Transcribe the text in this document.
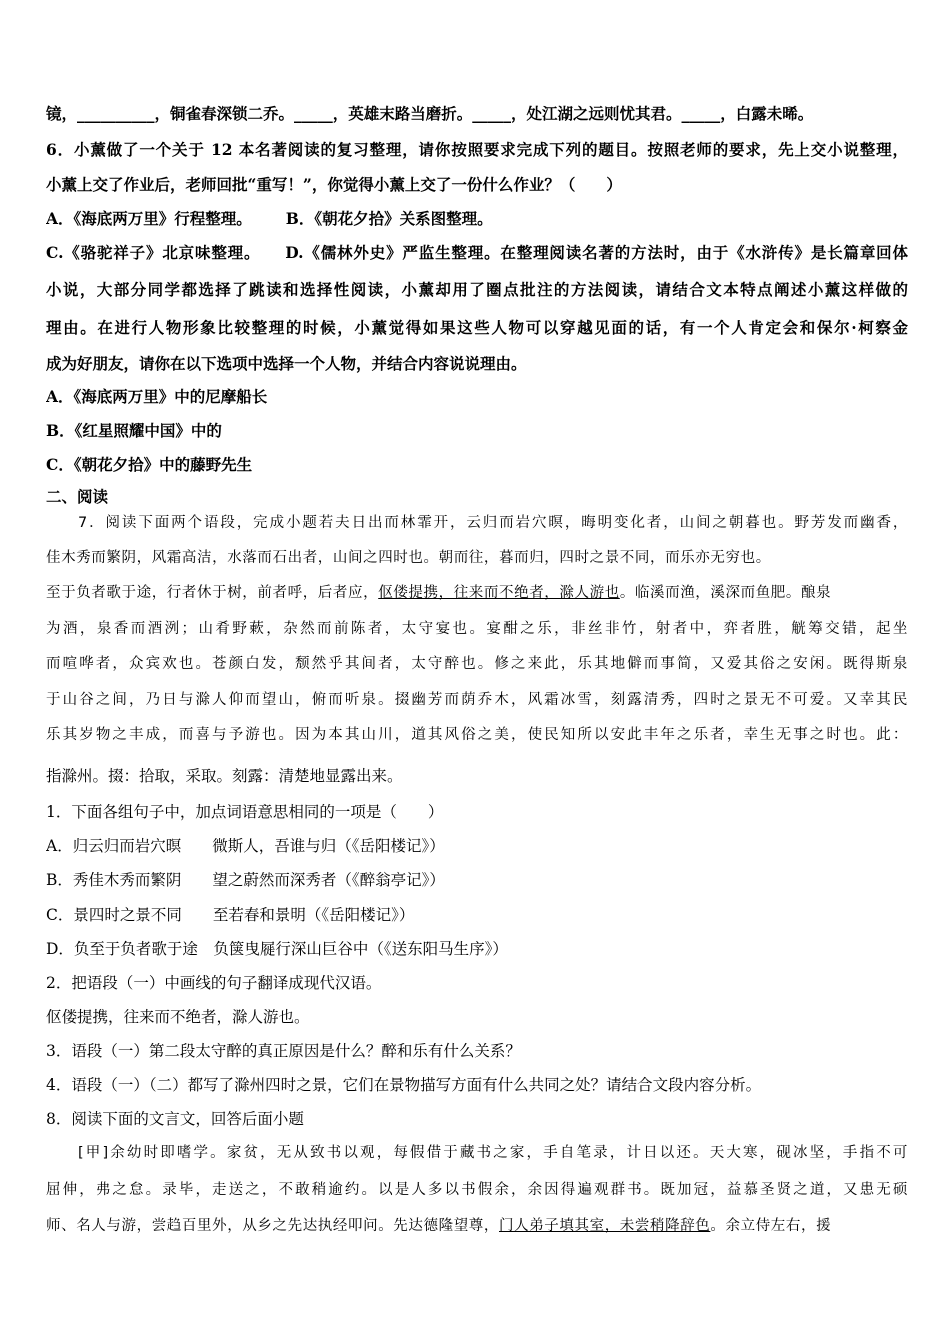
镜，__________，铜雀春深锁二乔。_____，英雄末路当磨折。_____，处江湖之远则忧其君。_____，白露未晞。
6．小薰做了一个关于 12 本名著阅读的复习整理，请你按照要求完成下列的题目。按照老师的要求，先上交小说整理，
小薰上交了作业后，老师回批“重写！”，你觉得小薰上交了一份什么作业？（　　）
A．《海底两万里》行程整理。 B．《朝花夕拾》关系图整理。
C.《骆驼祥子》北京味整理。　　D.《儒林外史》严监生整理。在整理阅读名著的方法时，由于《水浒传》是长篇章回体
小说，大部分同学都选择了跳读和选择性阅读，小薰却用了圈点批注的方法阅读，请结合文本特点阐述小薰这样做的
理由。在进行人物形象比较整理的时候，小薰觉得如果这些人物可以穿越见面的话，有一个人肯定会和保尔·柯察金
成为好朋友，请你在以下选项中选择一个人物，并结合内容说说理由。
A．《海底两万里》中的尼摩船长
B．《红星照耀中国》中的
C．《朝花夕拾》中的藤野先生
二、阅读
7．阅读下面两个语段，完成小题若夫日出而林霏开，云归而岩穴暝，晦明变化者，山间之朝暮也。野芳发而幽香，
佳木秀而繁阴，风霜高洁，水落而石出者，山间之四时也。朝而往，暮而归，四时之景不同，而乐亦无穷也。
至于负者歌于途，行者休于树，前者呼，后者应，伛偻提携，往来而不绝者，滁人游也。临溪而渔，溪深而鱼肥。酿泉
为酒，泉香而酒洌；山肴野蔌，杂然而前陈者，太守宴也。宴酣之乐，非丝非竹，射者中，弈者胜，觥筹交错，起坐
而喧哗者，众宾欢也。苍颜白发，颓然乎其间者，太守醉也。修之来此，乐其地僻而事简，又爱其俗之安闲。既得斯泉
于山谷之间，乃日与滁人仰而望山，俯而听泉。掇幽芳而荫乔木，风霜冰雪，刻露清秀，四时之景无不可爱。又幸其民
乐其岁物之丰成，而喜与予游也。因为本其山川，道其风俗之美，使民知所以安此丰年之乐者，幸生无事之时也。此：
指滁州。掇：拾取，采取。刻露：清楚地显露出来。
1．下面各组句子中，加点词语意思相同的一项是（　　）
A．归云归而岩穴暝　　微斯人，吾谁与归（《岳阳楼记》）
B．秀佳木秀而繁阴　　望之蔚然而深秀者（《醉翁亭记》）
C．景四时之景不同　　至若春和景明（《岳阳楼记》）
D．负至于负者歌于途　负箧曳屣行深山巨谷中（《送东阳马生序》）
2．把语段（一）中画线的句子翻译成现代汉语。
伛偻提携，往来而不绝者，滁人游也。
3．语段（一）第二段太守醉的真正原因是什么？醉和乐有什么关系？
4．语段（一）（二）都写了滁州四时之景，它们在景物描写方面有什么共同之处？请结合文段内容分析。
8．阅读下面的文言文，回答后面小题
[甲]余幼时即嗜学。家贫，无从致书以观，每假借于藏书之家，手自笔录，计日以还。天大寒，砚冰坚，手指不可
屈伸，弗之怠。录毕，走送之，不敢稍逾约。以是人多以书假余，余因得遍观群书。既加冠，益慕圣贤之道，又患无硕
师、名人与游，尝趋百里外，从乡之先达执经叩问。先达德隆望尊，门人弟子填其室，未尝稍降辞色。余立侍左右，援
